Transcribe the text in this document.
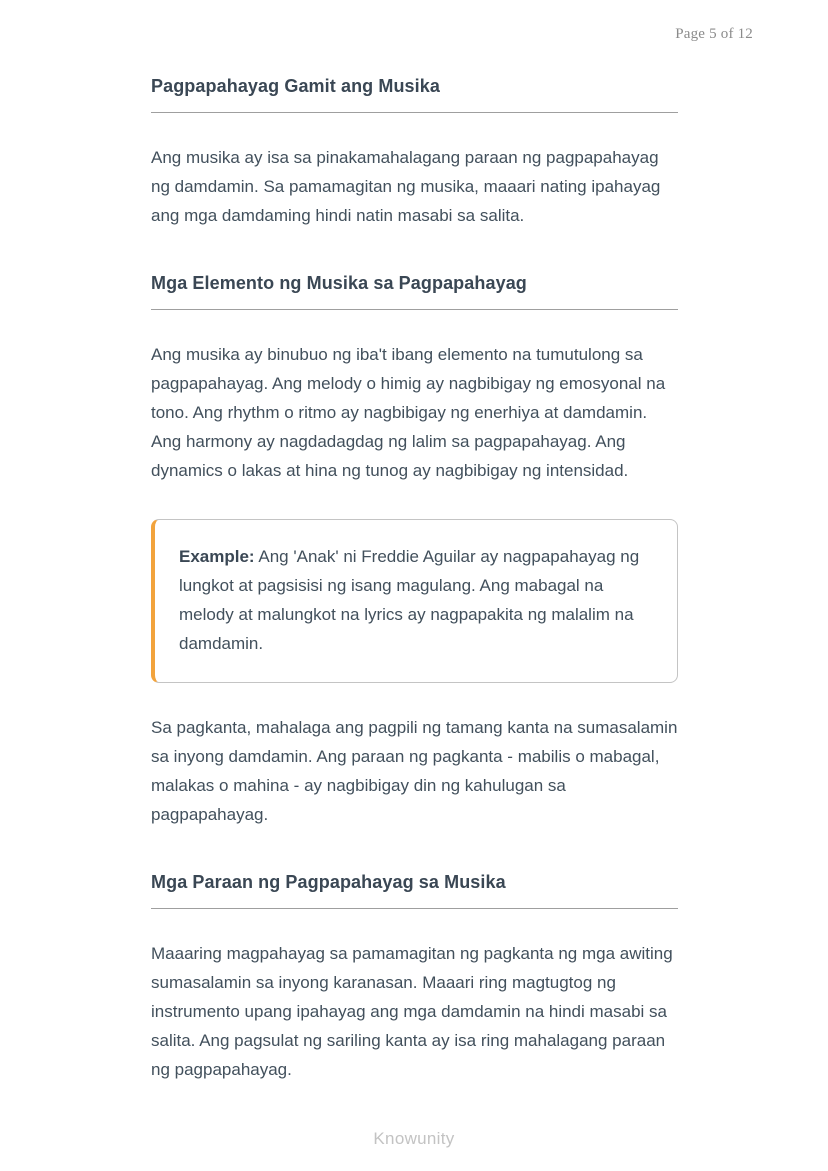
Page 5 of 12
Pagpapahayag Gamit ang Musika

Ang musika ay isa sa pinakamahalagang paraan ng pagpapahayag ng damdamin. Sa pamamagitan ng musika, maaari nating ipahayag ang mga damdaming hindi natin masabi sa salita.

Mga Elemento ng Musika sa Pagpapahayag

Ang musika ay binubuo ng iba't ibang elemento na tumutulong sa pagpapahayag. Ang melody o himig ay nagbibigay ng emosyonal na tono. Ang rhythm o ritmo ay nagbibigay ng enerhiya at damdamin. Ang harmony ay nagdadagdag ng lalim sa pagpapahayag. Ang dynamics o lakas at hina ng tunog ay nagbibigay ng intensidad.

Example: Ang 'Anak' ni Freddie Aguilar ay nagpapahayag ng lungkot at pagsisisi ng isang magulang. Ang mabagal na melody at malungkot na lyrics ay nagpapakita ng malalim na damdamin.

Sa pagkanta, mahalaga ang pagpili ng tamang kanta na sumasalamin sa inyong damdamin. Ang paraan ng pagkanta - mabilis o mabagal, malakas o mahina - ay nagbibigay din ng kahulugan sa pagpapahayag.

Mga Paraan ng Pagpapahayag sa Musika

Maaaring magpahayag sa pamamagitan ng pagkanta ng mga awiting sumasalamin sa inyong karanasan. Maaari ring magtugtog ng instrumento upang ipahayag ang mga damdamin na hindi masabi sa salita. Ang pagsulat ng sariling kanta ay isa ring mahalagang paraan ng pagpapahayag.

Knowunity
